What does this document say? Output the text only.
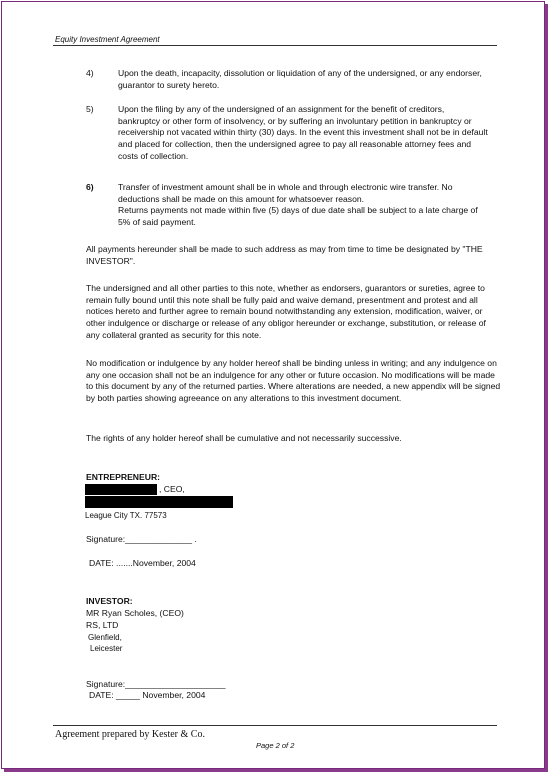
Equity Investment Agreement
4)	Upon the death, incapacity, dissolution or liquidation of any of the undersigned, or any endorser, guarantor to surety hereto.
5)	Upon the filing by any of the undersigned of an assignment for the benefit of creditors, bankruptcy or other form of insolvency, or by suffering an involuntary petition in bankruptcy or receivership not vacated within thirty (30) days. In the event this investment shall not be in default and placed for collection, then the undersigned agree to pay all reasonable attorney fees and costs of collection.
6)	Transfer of investment amount shall be in whole and through electronic wire transfer. No deductions shall be made on this amount for whatsoever reason.
Returns payments not made within five (5) days of due date shall be subject to a late charge of 5% of said payment.
All payments hereunder shall be made to such address as may from time to time be designated by "THE INVESTOR".
The undersigned and all other parties to this note, whether as endorsers, guarantors or sureties, agree to remain fully bound until this note shall be fully paid and waive demand, presentment and protest and all notices hereto and further agree to remain bound notwithstanding any extension, modification, waiver, or other indulgence or discharge or release of any obligor hereunder or exchange, substitution, or release of any collateral granted as security for this note.
No modification or indulgence by any holder hereof shall be binding unless in writing; and any indulgence on any one occasion shall not be an indulgence for any other or future occasion. No modifications will be made to this document by any of the returned parties. Where alterations are needed, a new appendix will be signed by both parties showing agreeance on any alterations to this investment document.
The rights of any holder hereof shall be cumulative and not necessarily successive.
ENTREPRENEUR:
, CEO,
League City TX. 77573
Signature:______________ .
DATE: .......November, 2004
INVESTOR:
MR Ryan Scholes, (CEO)
RS, LTD
Glenfield,
Leicester
Signature:_____________________
DATE: _____ November, 2004
Agreement prepared by Kester & Co.
Page 2 of 2
